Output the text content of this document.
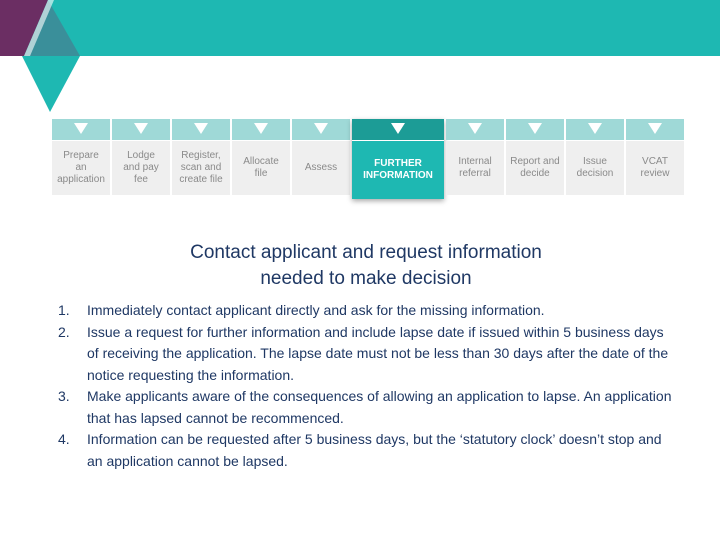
Prepare
an
application
Lodge
and pay
fee
Register,
scan and
create file
Allocate
file
Assess	FURTHER
INFORMATION
Internal
referral
Report and
decide
Issue
decision
VCAT
review
Contact applicant and request information
needed to make decision
1. Immediately contact applicant directly and ask for the missing information.
2. Issue a request for further information and include lapse date if issued within 5 business days of receiving the application. The lapse date must not be less than 30 days after the date of the notice requesting the information.
3. Make applicants aware of the consequences of allowing an application to lapse. An application that has lapsed cannot be recommenced.
4. Information can be requested after 5 business days, but the ‘statutory clock’ doesn’t stop and an application cannot be lapsed.
